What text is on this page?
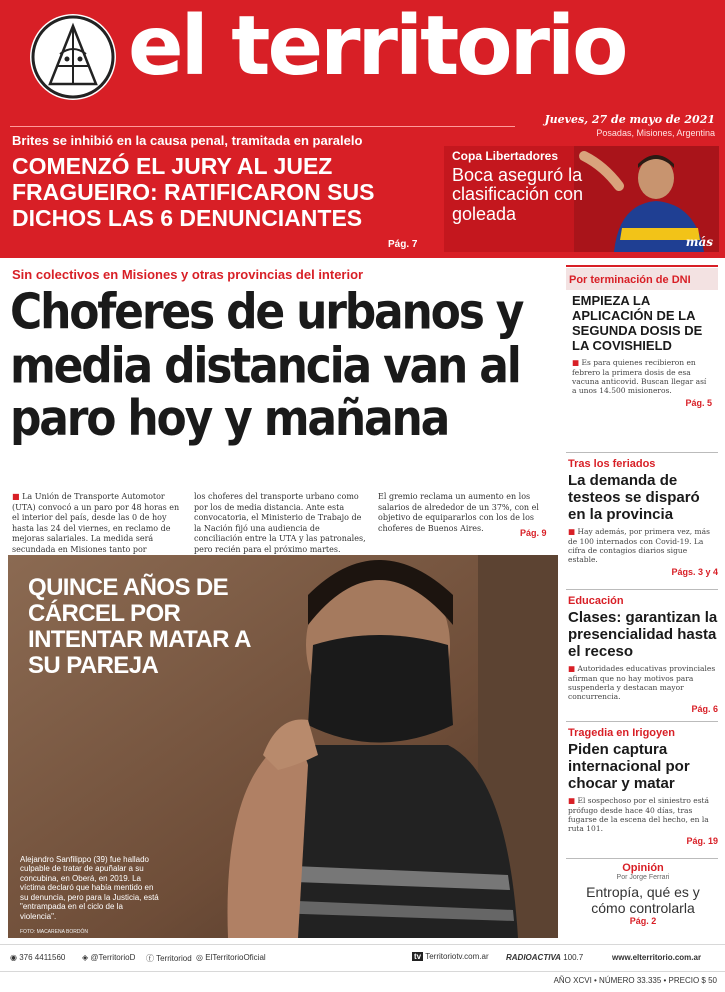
el territorio
Jueves, 27 de mayo de 2021
Posadas, Misiones, Argentina
Brites se inhibió en la causa penal, tramitada en paralelo
COMENZÓ EL JURY AL JUEZ FRAGUEIRO: RATIFICARON SUS DICHOS LAS 6 DENUNCIANTES
Pág. 7
Copa Libertadores
Boca aseguró la clasificación con goleada
más
Sin colectivos en Misiones y otras provincias del interior
Choferes de urbanos y media distancia van al paro hoy y mañana
■ La Unión de Transporte Automotor (UTA) convocó a un paro por 48 horas en el interior del país, desde las 0 de hoy hasta las 24 del viernes, en reclamo de mejoras salariales. La medida será secundada en Misiones tanto por
los choferes del transporte urbano como por los de media distancia. Ante esta convocatoria, el Ministerio de Trabajo de la Nación fijó una audiencia de conciliación entre la UTA y las patronales, pero recién para el próximo martes.
El gremio reclama un aumento en los salarios de alrededor de un 37%, con el objetivo de equipararlos con los de los choferes de Buenos Aires.	Pág. 9
QUINCE AÑOS DE CÁRCEL POR INTENTAR MATAR A SU PAREJA
Alejandro Sanfilippo (39) fue hallado culpable de tratar de apuñalar a su concubina, en Oberá, en 2019. La víctima declaró que había mentido en su denuncia, pero para la Justicia, está "entrampada en el ciclo de la violencia".
FOTO: MACARENA BORDÓN
Por terminación de DNI
EMPIEZA LA APLICACIÓN DE LA SEGUNDA DOSIS DE LA COVISHIELD
■ Es para quienes recibieron en febrero la primera dosis de esa vacuna anticovid. Buscan llegar así a unos 14.500 misioneros.
Pág. 5
Tras los feriados
La demanda de testeos se disparó en la provincia
■ Hay además, por primera vez, más de 100 internados con Covid-19. La cifra de contagios diarios sigue estable.
Págs. 3 y 4
Educación
Clases: garantizan la presencialidad hasta el receso
■ Autoridades educativas provinciales afirman que no hay motivos para suspenderla y destacan mayor concurrencia.
Pág. 6
Tragedia en Irigoyen
Piden captura internacional por chocar y matar
■ El sospechoso por el siniestro está prófugo desde hace 40 días, tras fugarse de la escena del hecho, en la ruta 101.
Pág. 19
Opinión
Por Jorge Ferrari
Entropía, qué es y cómo controlarla
Pág. 2
◉ 376 4411560 ◈ @TerritorioD ⓕ Territoriod ◎ ElTerritorioOficial	tv Territoriotv.com.ar RADIOACTIVA 100.7	www.elterritorio.com.ar
AÑO XCVI • NÚMERO 33.335 • PRECIO $ 50
